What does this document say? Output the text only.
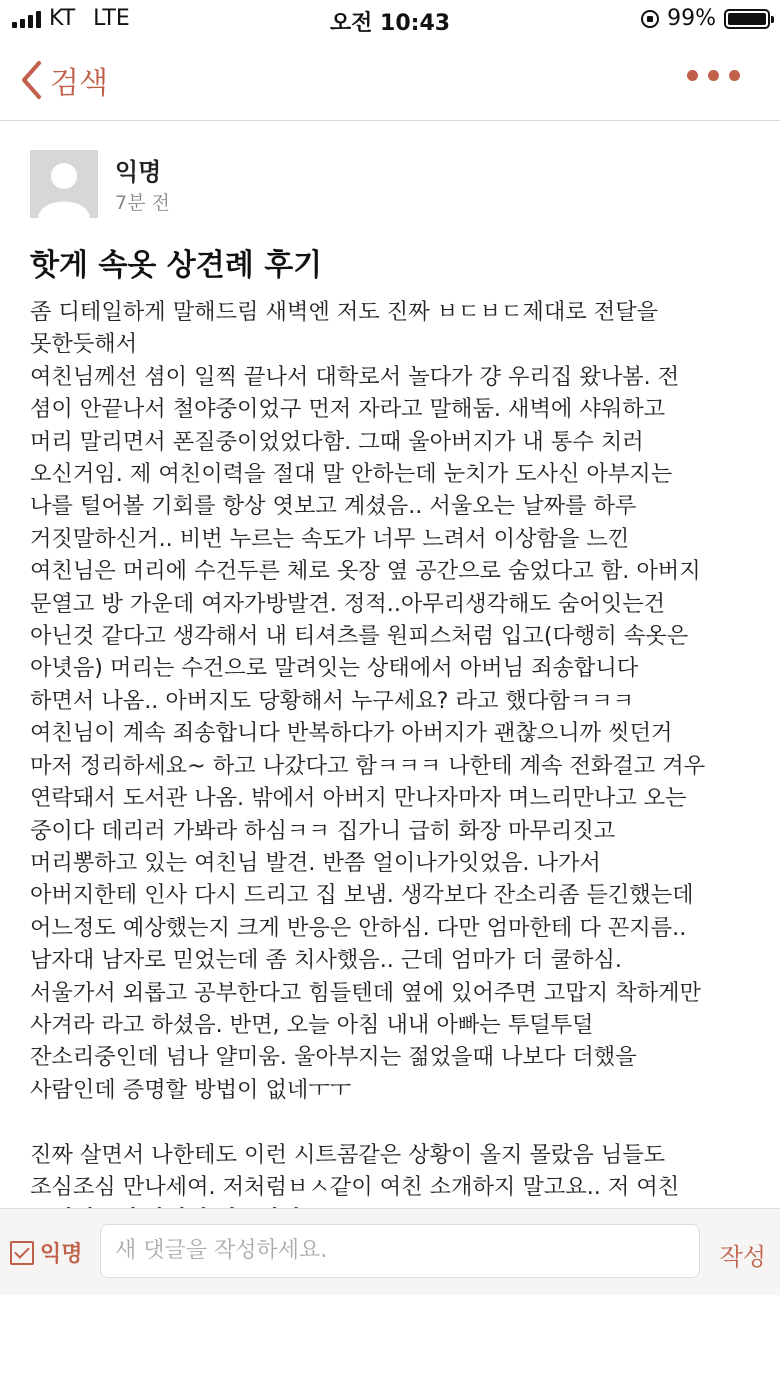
KT LTE	오전 10:43	99%
검색
익명
7분 전
핫게 속옷 상견례 후기

좀 디테일하게 말해드림 새벽엔 저도 진짜 ㅂㄷㅂㄷ제대로 전달을

못한듯해서

여친님께선 셤이 일찍 끝나서 대학로서 놀다가 걍 우리집 왔나봄. 전

셤이 안끝나서 철야중이었구 먼저 자라고 말해둠. 새벽에 샤워하고

머리 말리면서 폰질중이었었다함. 그때 울아버지가 내 통수 치러

오신거임. 제 여친이력을 절대 말 안하는데 눈치가 도사신 아부지는

나를 털어볼 기회를 항상 엿보고 계셨음.. 서울오는 날짜를 하루

거짓말하신거.. 비번 누르는 속도가 너무 느려서 이상함을 느낀

여친님은 머리에 수건두른 체로 옷장 옆 공간으로 숨었다고 함. 아버지

문열고 방 가운데 여자가방발견. 정적..아무리생각해도 숨어잇는건

아닌것 같다고 생각해서 내 티셔츠를 원피스처럼 입고(다행히 속옷은

아녓음) 머리는 수건으로 말려잇는 상태에서 아버님 죄송합니다

하면서 나옴.. 아버지도 당황해서 누구세요? 라고 했다함ㅋㅋㅋ

여친님이 계속 죄송합니다 반복하다가 아버지가 괜찮으니까 씻던거

마저 정리하세요~ 하고 나갔다고 함ㅋㅋㅋ 나한테 계속 전화걸고 겨우

연락돼서 도서관 나옴. 밖에서 아버지 만나자마자 며느리만나고 오는

중이다 데리러 가봐라 하심ㅋㅋ 집가니 급히 화장 마무리짓고

머리뽕하고 있는 여친님 발견. 반쯤 얼이나가잇었음. 나가서

아버지한테 인사 다시 드리고 집 보냄. 생각보다 잔소리좀 듣긴했는데

어느정도 예상했는지 크게 반응은 안하심. 다만 엄마한테 다 꼰지름..

남자대 남자로 믿었는데 좀 치사했음.. 근데 엄마가 더 쿨하심.

서울가서 외롭고 공부한다고 힘들텐데 옆에 있어주면 고맙지 착하게만

사겨라 라고 하셨음. 반면, 오늘 아침 내내 아빠는 투덜투덜

잔소리중인데 넘나 얄미움. 울아부지는 젊었을때 나보다 더했을

사람인데 증명할 방법이 없네ㅜㅜ

진짜 살면서 나한테도 이런 시트콤같은 상황이 올지 몰랐음 님들도

조심조심 만나세여. 저처럼ㅂㅅ같이 여친 소개하지 말고요.. 저 여친

익명	새 댓글을 작성하세요.	작성
